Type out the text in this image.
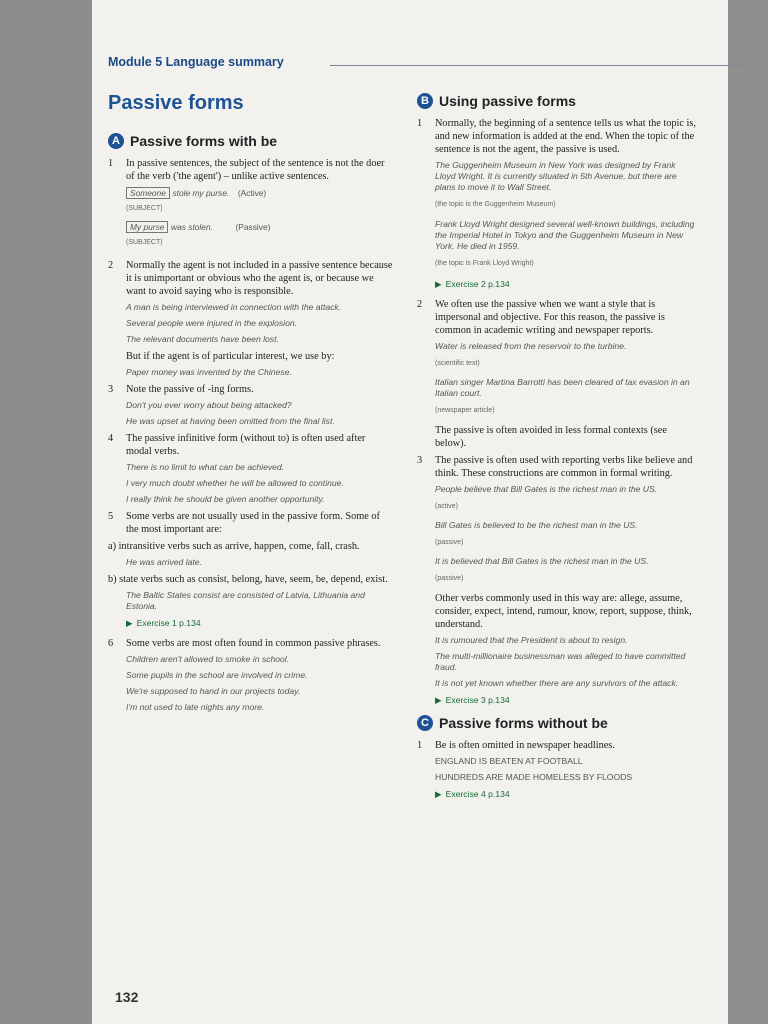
Module 5 Language summary
Passive forms
A Passive forms with be
1	In passive sentences, the subject of the sentence is not the doer of the verb ('the agent') – unlike active sentences.
Someone stole my purse. (Active)
(SUBJECT)
My purse was stolen.	(Passive)
(SUBJECT)
2	Normally the agent is not included in a passive sentence because it is unimportant or obvious who the agent is, or because we want to avoid saying who is responsible.
A man is being interviewed in connection with the attack.
Several people were injured in the explosion.
The relevant documents have been lost.
But if the agent is of particular interest, we use by:
Paper money was invented by the Chinese.
3	Note the passive of -ing forms.
Don't you ever worry about being attacked?
He was upset at having been omitted from the final list.
4	The passive infinitive form (without to) is often used after modal verbs.
There is no limit to what can be achieved.
I very much doubt whether he will be allowed to continue.
I really think he should be given another opportunity.
5	Some verbs are not usually used in the passive form. Some of the most important are:
a) intransitive verbs such as arrive, happen, come, fall, crash.
He was arrived late.
b) state verbs such as consist, belong, have, seem, be, depend, exist.
The Baltic States consist are consisted of Latvia, Lithuania and Estonia.
▶ Exercise 1 p.134
6	Some verbs are most often found in common passive phrases.
Children aren't allowed to smoke in school.
Some pupils in the school are involved in crime.
We're supposed to hand in our projects today.
I'm not used to late nights any more.
132
B Using passive forms
1	Normally, the beginning of a sentence tells us what the topic is, and new information is added at the end. When the topic of the sentence is not the agent, the passive is used.
The Guggenheim Museum in New York was designed by Frank Lloyd Wright. It is currently situated in 5th Avenue, but there are plans to move it to Wall Street.
(the topic is the Guggenheim Museum)
Frank Lloyd Wright designed several well-known buildings, including the Imperial Hotel in Tokyo and the Guggenheim Museum in New York. He died in 1959.
(the topic is Frank Lloyd Wright)
▶ Exercise 2 p.134
2	We often use the passive when we want a style that is impersonal and objective. For this reason, the passive is common in academic writing and newspaper reports.
Water is released from the reservoir to the turbine.
(scientific text)
Italian singer Martina Barrotti has been cleared of tax evasion in an Italian court.
(newspaper article)
The passive is often avoided in less formal contexts (see below).
3	The passive is often used with reporting verbs like believe and think. These constructions are common in formal writing.
People believe that Bill Gates is the richest man in the US.
(active)
Bill Gates is believed to be the richest man in the US.
(passive)
It is believed that Bill Gates is the richest man in the US.
(passive)
Other verbs commonly used in this way are: allege, assume, consider, expect, intend, rumour, know, report, suppose, think, understand.
It is rumoured that the President is about to resign.
The multi-millionaire businessman was alleged to have committed fraud.
It is not yet known whether there are any survivors of the attack.
▶ Exercise 3 p.134
C Passive forms without be
1	Be is often omitted in newspaper headlines.
ENGLAND IS BEATEN AT FOOTBALL
HUNDREDS ARE MADE HOMELESS BY FLOODS
▶ Exercise 4 p.134
